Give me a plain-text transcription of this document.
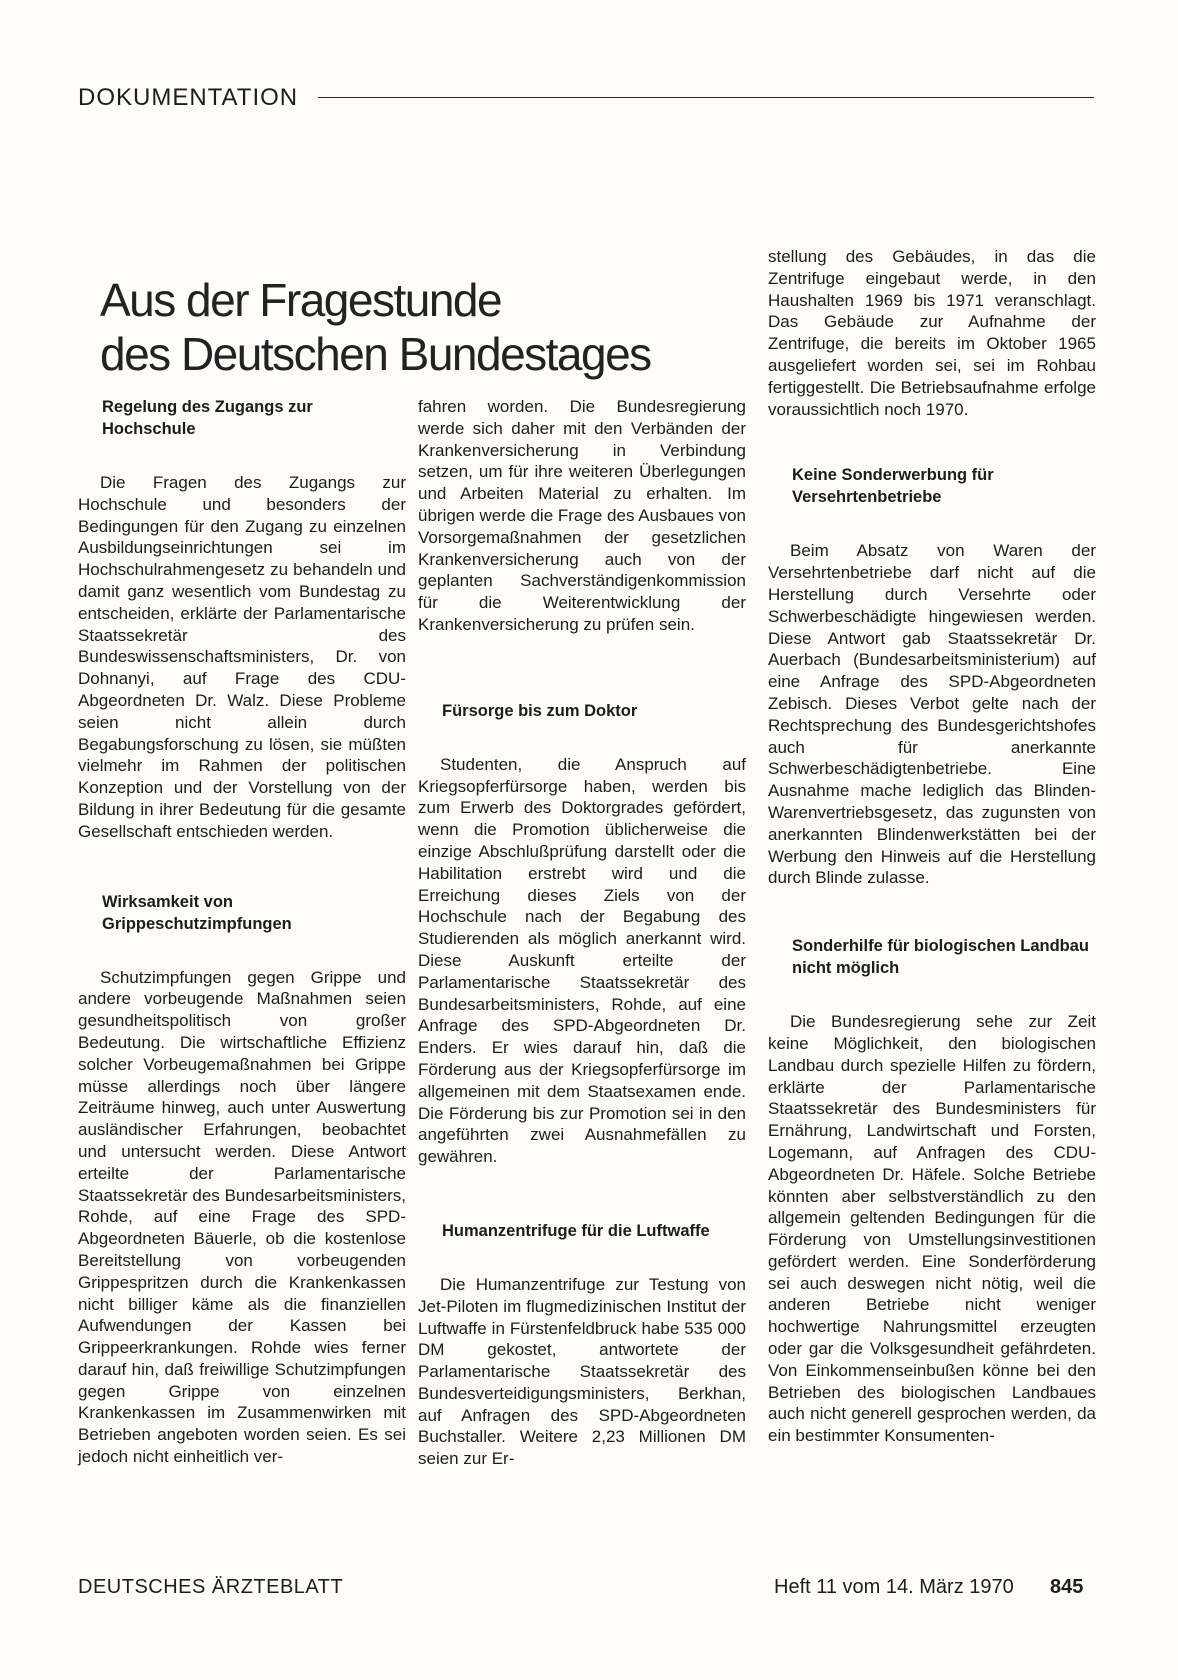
DOKUMENTATION
Aus der Fragestunde
des Deutschen Bundestages
Regelung des Zugangs zur Hochschule

Die Fragen des Zugangs zur Hochschule und besonders der Bedingungen für den Zugang zu einzelnen Ausbildungseinrichtungen sei im Hochschulrahmengesetz zu behandeln und damit ganz wesentlich vom Bundestag zu entscheiden, erklärte der Parlamentarische Staatssekretär des Bundeswissenschaftsministers, Dr. von Dohnanyi, auf Frage des CDU-Abgeordneten Dr. Walz. Diese Probleme seien nicht allein durch Begabungsforschung zu lösen, sie müßten vielmehr im Rahmen der politischen Konzeption und der Vorstellung von der Bildung in ihrer Bedeutung für die gesamte Gesellschaft entschieden werden.

Wirksamkeit von Grippeschutzimpfungen

Schutzimpfungen gegen Grippe und andere vorbeugende Maßnahmen seien gesundheitspolitisch von großer Bedeutung. Die wirtschaftliche Effizienz solcher Vorbeugemaßnahmen bei Grippe müsse allerdings noch über längere Zeiträume hinweg, auch unter Auswertung ausländischer Erfahrungen, beobachtet und untersucht werden. Diese Antwort erteilte der Parlamentarische Staatssekretär des Bundesarbeitsministers, Rohde, auf eine Frage des SPD-Abgeordneten Bäuerle, ob die kostenlose Bereitstellung von vorbeugenden Grippespritzen durch die Krankenkassen nicht billiger käme als die finanziellen Aufwendungen der Kassen bei Grippeerkrankungen. Rohde wies ferner darauf hin, daß freiwillige Schutzimpfungen gegen Grippe von einzelnen Krankenkassen im Zusammenwirken mit Betrieben angeboten worden seien. Es sei jedoch nicht einheitlich ver-

fahren worden. Die Bundesregierung werde sich daher mit den Verbänden der Krankenversicherung in Verbindung setzen, um für ihre weiteren Überlegungen und Arbeiten Material zu erhalten. Im übrigen werde die Frage des Ausbaues von Vorsorgemaßnahmen der gesetzlichen Krankenversicherung auch von der geplanten Sachverständigenkommission für die Weiterentwicklung der Krankenversicherung zu prüfen sein.

Fürsorge bis zum Doktor

Studenten, die Anspruch auf Kriegsopferfürsorge haben, werden bis zum Erwerb des Doktorgrades gefördert, wenn die Promotion üblicherweise die einzige Abschlußprüfung darstellt oder die Habilitation erstrebt wird und die Erreichung dieses Ziels von der Hochschule nach der Begabung des Studierenden als möglich anerkannt wird. Diese Auskunft erteilte der Parlamentarische Staatssekretär des Bundesarbeitsministers, Rohde, auf eine Anfrage des SPD-Abgeordneten Dr. Enders. Er wies darauf hin, daß die Förderung aus der Kriegsopferfürsorge im allgemeinen mit dem Staatsexamen ende. Die Förderung bis zur Promotion sei in den angeführten zwei Ausnahmefällen zu gewähren.

Humanzentrifuge für die Luftwaffe

Die Humanzentrifuge zur Testung von Jet-Piloten im flugmedizinischen Institut der Luftwaffe in Fürstenfeldbruck habe 535 000 DM gekostet, antwortete der Parlamentarische Staatssekretär des Bundesverteidigungsministers, Berkhan, auf Anfragen des SPD-Abgeordneten Buchstaller. Weitere 2,23 Millionen DM seien zur Er-

stellung des Gebäudes, in das die Zentrifuge eingebaut werde, in den Haushalten 1969 bis 1971 veranschlagt. Das Gebäude zur Aufnahme der Zentrifuge, die bereits im Oktober 1965 ausgeliefert worden sei, sei im Rohbau fertiggestellt. Die Betriebsaufnahme erfolge voraussichtlich noch 1970.

Keine Sonderwerbung für Versehrtenbetriebe

Beim Absatz von Waren der Versehrtenbetriebe darf nicht auf die Herstellung durch Versehrte oder Schwerbeschädigte hingewiesen werden. Diese Antwort gab Staatssekretär Dr. Auerbach (Bundesarbeitsministerium) auf eine Anfrage des SPD-Abgeordneten Zebisch. Dieses Verbot gelte nach der Rechtsprechung des Bundesgerichtshofes auch für anerkannte Schwerbeschädigtenbetriebe. Eine Ausnahme mache lediglich das Blinden-Warenvertriebsgesetz, das zugunsten von anerkannten Blindenwerkstätten bei der Werbung den Hinweis auf die Herstellung durch Blinde zulasse.

Sonderhilfe für biologischen Landbau nicht möglich

Die Bundesregierung sehe zur Zeit keine Möglichkeit, den biologischen Landbau durch spezielle Hilfen zu fördern, erklärte der Parlamentarische Staatssekretär des Bundesministers für Ernährung, Landwirtschaft und Forsten, Logemann, auf Anfragen des CDU-Abgeordneten Dr. Häfele. Solche Betriebe könnten aber selbstverständlich zu den allgemein geltenden Bedingungen für die Förderung von Umstellungsinvestitionen gefördert werden. Eine Sonderförderung sei auch deswegen nicht nötig, weil die anderen Betriebe nicht weniger hochwertige Nahrungsmittel erzeugten oder gar die Volksgesundheit gefährdeten. Von Einkommenseinbußen könne bei den Betrieben des biologischen Landbaues auch nicht generell gesprochen werden, da ein bestimmter Konsumenten-

DEUTSCHES ÄRZTEBLATT	Heft 11 vom 14. März 1970 845
